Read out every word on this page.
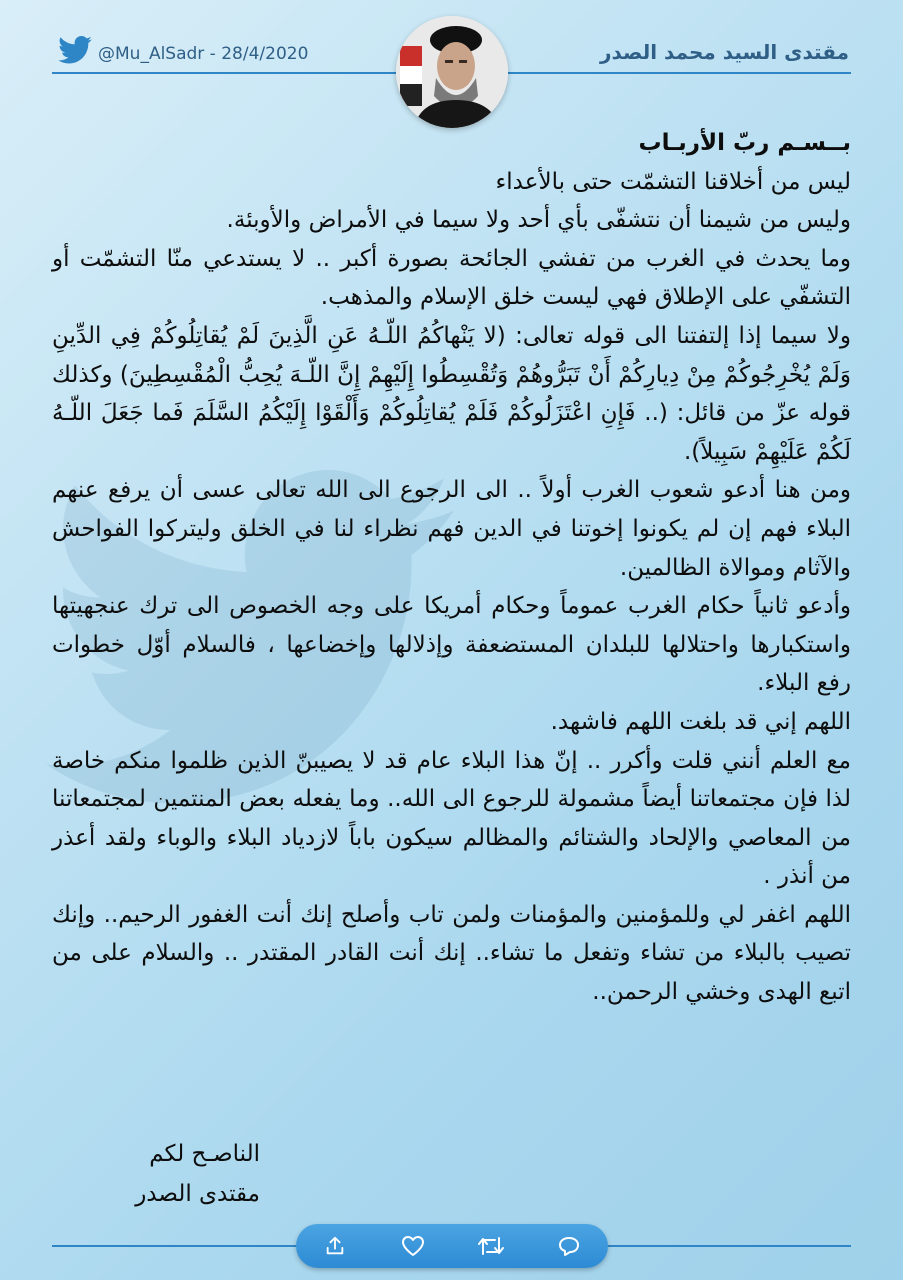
@Mu_AlSadr - 28/4/2020	مقتدى السيد محمد الصدر

بــسـم ربّ الأربـاب

ليس من أخلاقنا التشمّت حتى بالأعداء

وليس من شيمنا أن نتشفّى بأي أحد ولا سيما في الأمراض والأوبئة.

وما يحدث في الغرب من تفشي الجائحة بصورة أكبر .. لا يستدعي منّا التشمّت أو التشفّي على الإطلاق فهي ليست خلق الإسلام والمذهب.

ولا سيما إذا إلتفتنا الى قوله تعالى: (لا يَنْهاكُمُ اللّـهُ عَنِ الَّذِينَ لَمْ يُقاتِلُوكُمْ فِي الدِّينِ وَلَمْ يُخْرِجُوكُمْ مِنْ دِيارِكُمْ أَنْ تَبَرُّوهُمْ وَتُقْسِطُوا إِلَيْهِمْ إِنَّ اللّـهَ يُحِبُّ الْمُقْسِطِينَ) وكذلك قوله عزّ من قائل: (.. فَإِنِ اعْتَزَلُوكُمْ فَلَمْ يُقاتِلُوكُمْ وَأَلْقَوْا إِلَيْكُمُ السَّلَمَ فَما جَعَلَ اللّـهُ لَكُمْ عَلَيْهِمْ سَبِيلاً).

ومن هنا أدعو شعوب الغرب أولاً .. الى الرجوع الى الله تعالى عسى أن يرفع عنهم البلاء فهم إن لم يكونوا إخوتنا في الدين فهم نظراء لنا في الخلق وليتركوا الفواحش والآثام وموالاة الظالمين.

وأدعو ثانياً حكام الغرب عموماً وحكام أمريكا على وجه الخصوص الى ترك عنجهيتها واستكبارها واحتلالها للبلدان المستضعفة وإذلالها وإخضاعها ، فالسلام أوّل خطوات رفع البلاء.

اللهم إني قد بلغت اللهم فاشهد.

مع العلم أنني قلت وأكرر .. إنّ هذا البلاء عام قد لا يصيبنّ الذين ظلموا منكم خاصة لذا فإن مجتمعاتنا أيضاً مشمولة للرجوع الى الله.. وما يفعله بعض المنتمين لمجتمعاتنا من المعاصي والإلحاد والشتائم والمظالم سيكون باباً لازدياد البلاء والوباء ولقد أعذر من أنذر .

اللهم اغفر لي وللمؤمنين والمؤمنات ولمن تاب وأصلح إنك أنت الغفور الرحيم.. وإنك تصيب بالبلاء من تشاء وتفعل ما تشاء.. إنك أنت القادر المقتدر .. والسلام على من اتبع الهدى وخشي الرحمن..

الناصـح لكم
مقتدى الصدر
